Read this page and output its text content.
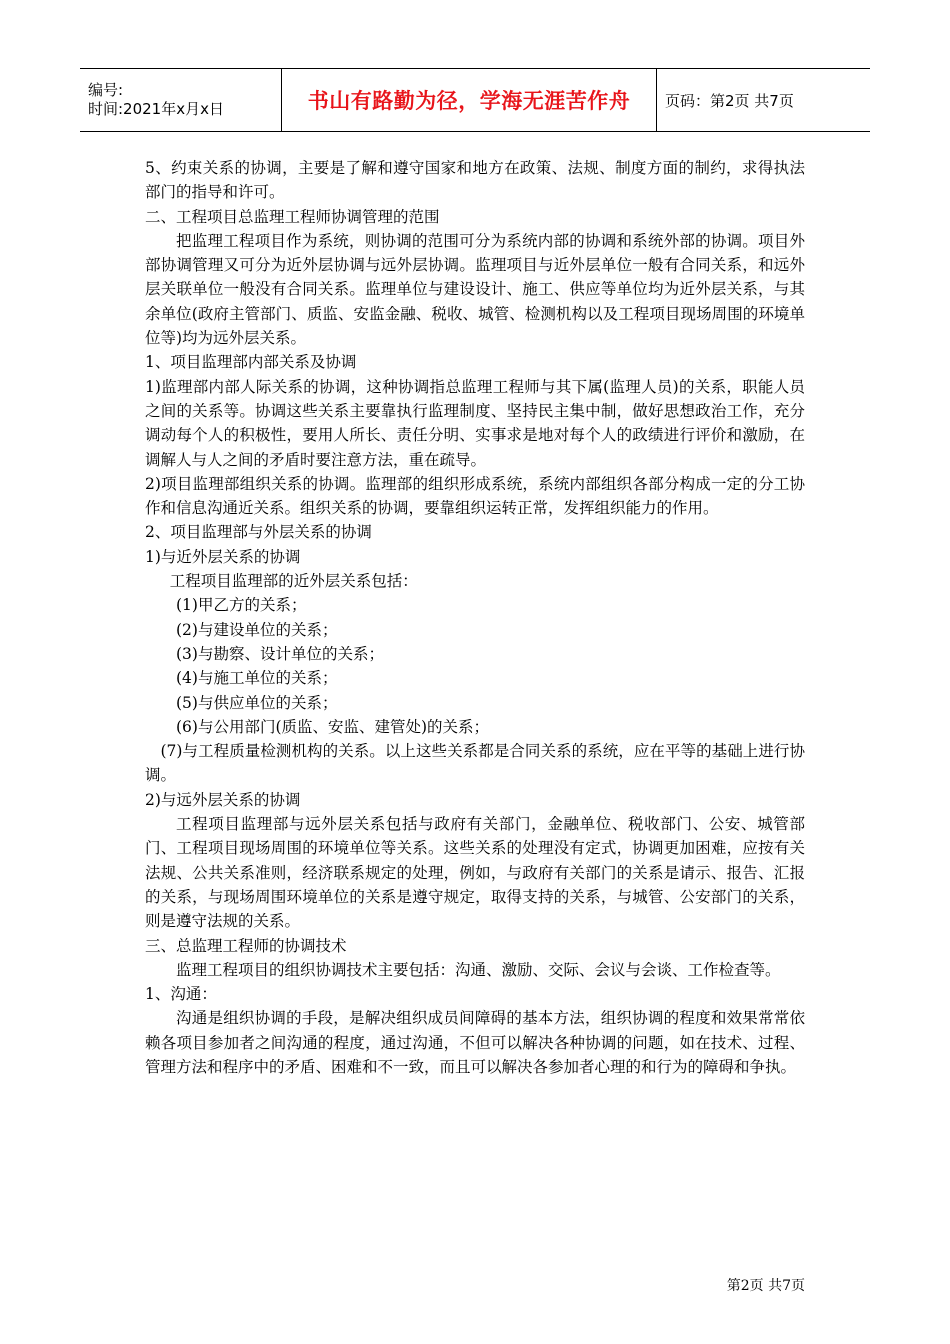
编号:
时间:2021年x月x日	书山有路勤为径，学海无涯苦作舟 页码：第2页 共7页

5、约束关系的协调，主要是了解和遵守国家和地方在政策、法规、制度方面的制约，求得执法部门的指导和许可。

二、工程项目总监理工程师协调管理的范围

把监理工程项目作为系统，则协调的范围可分为系统内部的协调和系统外部的协调。项目外部协调管理又可分为近外层协调与远外层协调。监理项目与近外层单位一般有合同关系，和远外层关联单位一般没有合同关系。监理单位与建设设计、施工、供应等单位均为近外层关系，与其余单位(政府主管部门、质监、安监金融、税收、城管、检测机构以及工程项目现场周围的环境单位等)均为远外层关系。

1、项目监理部内部关系及协调

1)监理部内部人际关系的协调，这种协调指总监理工程师与其下属(监理人员)的关系，职能人员之间的关系等。协调这些关系主要靠执行监理制度、坚持民主集中制，做好思想政治工作，充分调动每个人的积极性，要用人所长、责任分明、实事求是地对每个人的政绩进行评价和激励，在调解人与人之间的矛盾时要注意方法，重在疏导。

2)项目监理部组织关系的协调。监理部的组织形成系统，系统内部组织各部分构成一定的分工协作和信息沟通近关系。组织关系的协调，要靠组织运转正常，发挥组织能力的作用。

2、项目监理部与外层关系的协调

1)与近外层关系的协调

工程项目监理部的近外层关系包括：

(1)甲乙方的关系；

(2)与建设单位的关系；

(3)与勘察、设计单位的关系；

(4)与施工单位的关系；

(5)与供应单位的关系；

(6)与公用部门(质监、安监、建管处)的关系；

(7)与工程质量检测机构的关系。以上这些关系都是合同关系的系统，应在平等的基础上进行协调。

2)与远外层关系的协调

工程项目监理部与远外层关系包括与政府有关部门，金融单位、税收部门、公安、城管部门、工程项目现场周围的环境单位等关系。这些关系的处理没有定式，协调更加困难，应按有关法规、公共关系准则，经济联系规定的处理，例如，与政府有关部门的关系是请示、报告、汇报的关系，与现场周围环境单位的关系是遵守规定，取得支持的关系，与城管、公安部门的关系，则是遵守法规的关系。

三、总监理工程师的协调技术

监理工程项目的组织协调技术主要包括：沟通、激励、交际、会议与会谈、工作检查等。

1、沟通：

沟通是组织协调的手段，是解决组织成员间障碍的基本方法，组织协调的程度和效果常常依赖各项目参加者之间沟通的程度，通过沟通，不但可以解决各种协调的问题，如在技术、过程、管理方法和程序中的矛盾、困难和不一致，而且可以解决各参加者心理的和行为的障碍和争执。

第2页 共7页
